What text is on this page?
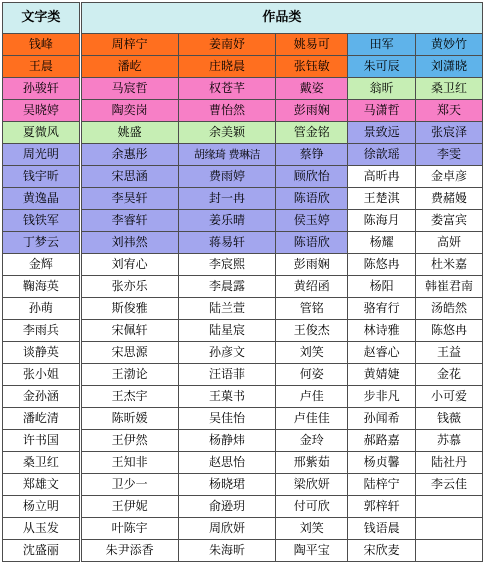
文字类	作品类				
钱峰	周梓宁	姜南妤	姚易可	田军	黄妙竹
王晨	潘屹	庄晓晨	张钰敏	朱可辰	刘潇晓
孙骏轩	马宸哲	权苍芊	戴姿	翁昕	桑卫红
吴晓婷	陶奕岗	曹怡然	彭雨娴	马潇哲	郑天
夏微风	姚盛	余美颖	管金铭	景致远	张宸泽
周光明	余惠彤	胡缘琦 费琳洁	蔡铮	徐歆瑶	李雯
钱宇昕	宋思涵	费雨婷	顾欣怡	高昕冉	金卓彦
黄逸晶	李昊轩	封一冉	陈语欣	王楚淇	费赭嫚
钱铁军	李睿轩	姜乐晴	侯玉婷	陈海月	娄富宾
丁梦云	刘祎然	蒋易轩	陈语欣	杨耀	高妍
金辉	刘宥心	李宸熙	彭雨娴	陈悠冉	杜米嘉
鞠海英	张亦乐	李晨露	黄绍函	杨阳	韩崔君南
孙萌	斯俊雅	陆兰萱	管铭	骆宥行	汤皓然
李雨兵	宋佩轩	陆星宸	王俊杰	林诗雅	陈悠冉
谈静英	宋思源	孙彦文	刘笑	赵睿心	王益
张小姐	王渤论	汪语菲	何姿	黄婧婕	金花
金孙涵	王杰宇	王菓书	卢佳	步非凡	小可爱
潘屹清	陈昕媛	吴佳怡	卢佳佳	孙闻希	钱薇
许书国	王伊然	杨静炜	金玲	郝路嘉	苏慕
桑卫红	王知非	赵思怡	邢紫茹	杨贞馨	陆社丹
郑雄文	卫少一	杨晓珺	梁欣妍	陆梓宁	李云佳
杨立明	王伊妮	俞逊玥	付可欣	郭梓轩	
从玉发	叶陈宇	周欣妍	刘笑	钱语晨	
沈盛丽	朱尹添香	朱海昕	陶平宝	宋欣麦	
